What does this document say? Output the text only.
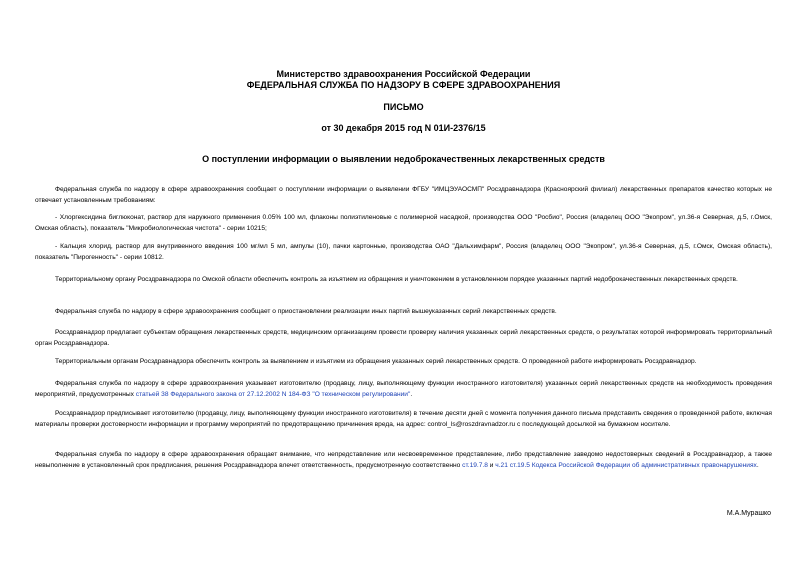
Министерство здравоохранения Российской Федерации
ФЕДЕРАЛЬНАЯ СЛУЖБА ПО НАДЗОРУ В СФЕРЕ ЗДРАВООХРАНЕНИЯ
ПИСЬМО
от 30 декабря 2015 год N 01И-2376/15
О поступлении информации о выявлении недоброкачественных лекарственных средств

Федеральная служба по надзору в сфере здравоохранения сообщает о поступлении информации о выявлении ФГБУ "ИМЦЭУАОСМП" Росздравнадзора (Красноярский филиал) лекарственных препаратов качество которых не отвечает установленным требованиям:

- Хлоргексидина биглюконат, раствор для наружного применения 0.05% 100 мл, флаконы полиэтиленовые с полимерной насадкой, производства ООО "Росбио", Россия (владелец ООО "Экопром", ул.36-я Северная, д.5, г.Омск, Омская область), показатель "Микробиологическая чистота" - серии 10215;

- Кальция хлорид, раствор для внутривенного введения 100 мг/мл 5 мл, ампулы (10), пачки картонные, производства ОАО "Дальхимфарм", Россия (владелец ООО "Экопром", ул.36-я Северная, д.5, г.Омск, Омская область), показатель "Пирогенность" - серии 10812.

Территориальному органу Росздравнадзора по Омской области обеспечить контроль за изъятием из обращения и уничтожением в установленном порядке указанных партий недоброкачественных лекарственных средств.

Федеральная служба по надзору в сфере здравоохранения сообщает о приостановлении реализации иных партий вышеуказанных серий лекарственных средств.

Росздравнадзор предлагает субъектам обращения лекарственных средств, медицинским организациям провести проверку наличия указанных серий лекарственных средств, о результатах которой информировать территориальный орган Росздравнадзора.

Территориальным органам Росздравнадзора обеспечить контроль за выявлением и изъятием из обращения указанных серий лекарственных средств. О проведенной работе информировать Росздравнадзор.

Федеральная служба по надзору в сфере здравоохранения указывает изготовителю (продавцу, лицу, выполняющему функции иностранного изготовителя) указанных серий лекарственных средств на необходимость проведения мероприятий, предусмотренных статьей 38 Федерального закона от 27.12.2002 N 184-ФЗ "О техническом регулировании".

Росздравнадзор предписывает изготовителю (продавцу, лицу, выполняющему функции иностранного изготовителя) в течение десяти дней с момента получения данного письма представить сведения о проведенной работе, включая материалы проверки достоверности информации и программу мероприятий по предотвращению причинения вреда, на адрес: control_ls@roszdravnadzor.ru с последующей досылкой на бумажном носителе.

Федеральная служба по надзору в сфере здравоохранения обращает внимание, что непредставление или несвоевременное представление, либо представление заведомо недостоверных сведений в Росздравнадзор, а также невыполнение в установленный срок предписания, решения Росздравнадзора влечет ответственность, предусмотренную соответственно ст.19.7.8 и ч.21 ст.19.5 Кодекса Российской Федерации об административных правонарушениях.

М.А.Мурашко
